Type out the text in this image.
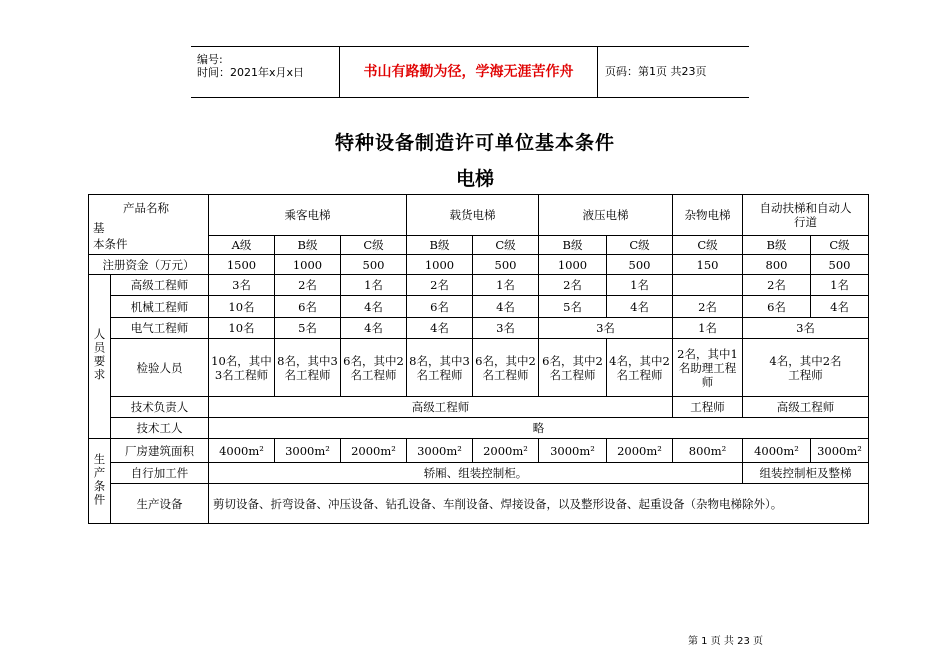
编号:
时间：2021年x月x日	书山有路勤为径，学海无涯苦作舟	页码：第1页 共23页
特种设备制造许可单位基本条件
电梯
产品名称
基
本条件		乘客电梯			载货电梯		液压电梯		杂物电梯	自动扶梯和自动人行道	
		A级	B级	C级	B级	C级	B级	C级	C级	B级	C级
注册资金（万元）		1500	1000	500	1000	500	1000	500	150	800	500
人员要求	高级工程师	3名	2名	1名	2名	1名	2名	1名		2名	1名
	机械工程师	10名	6名	4名	6名	4名	5名	4名	2名	6名	4名
	电气工程师	10名	5名	4名	4名	3名	3名		1名	3名	
	检验人员	10名，其中3名工程师	8名，其中3名工程师	6名，其中2名工程师	8名，其中3名工程师	6名，其中2名工程师	6名，其中2名工程师	4名，其中2名工程师	2名，其中1名助理工程师	4名，其中2名工程师	
	技术负责人	高级工程师							工程师	高级工程师	
	技术工人	略									
生产条件	厂房建筑面积	4000m²	3000m²	2000m²	3000m²	2000m²	3000m²	2000m²	800m²	4000m²	3000m²
	自行加工件	轿厢、组装控制柜。								组装控制柜及整梯	
	生产设备	剪切设备、折弯设备、冲压设备、钻孔设备、车削设备、焊接设备，以及整形设备、起重设备（杂物电梯除外）。									
第 1 页 共 23 页
